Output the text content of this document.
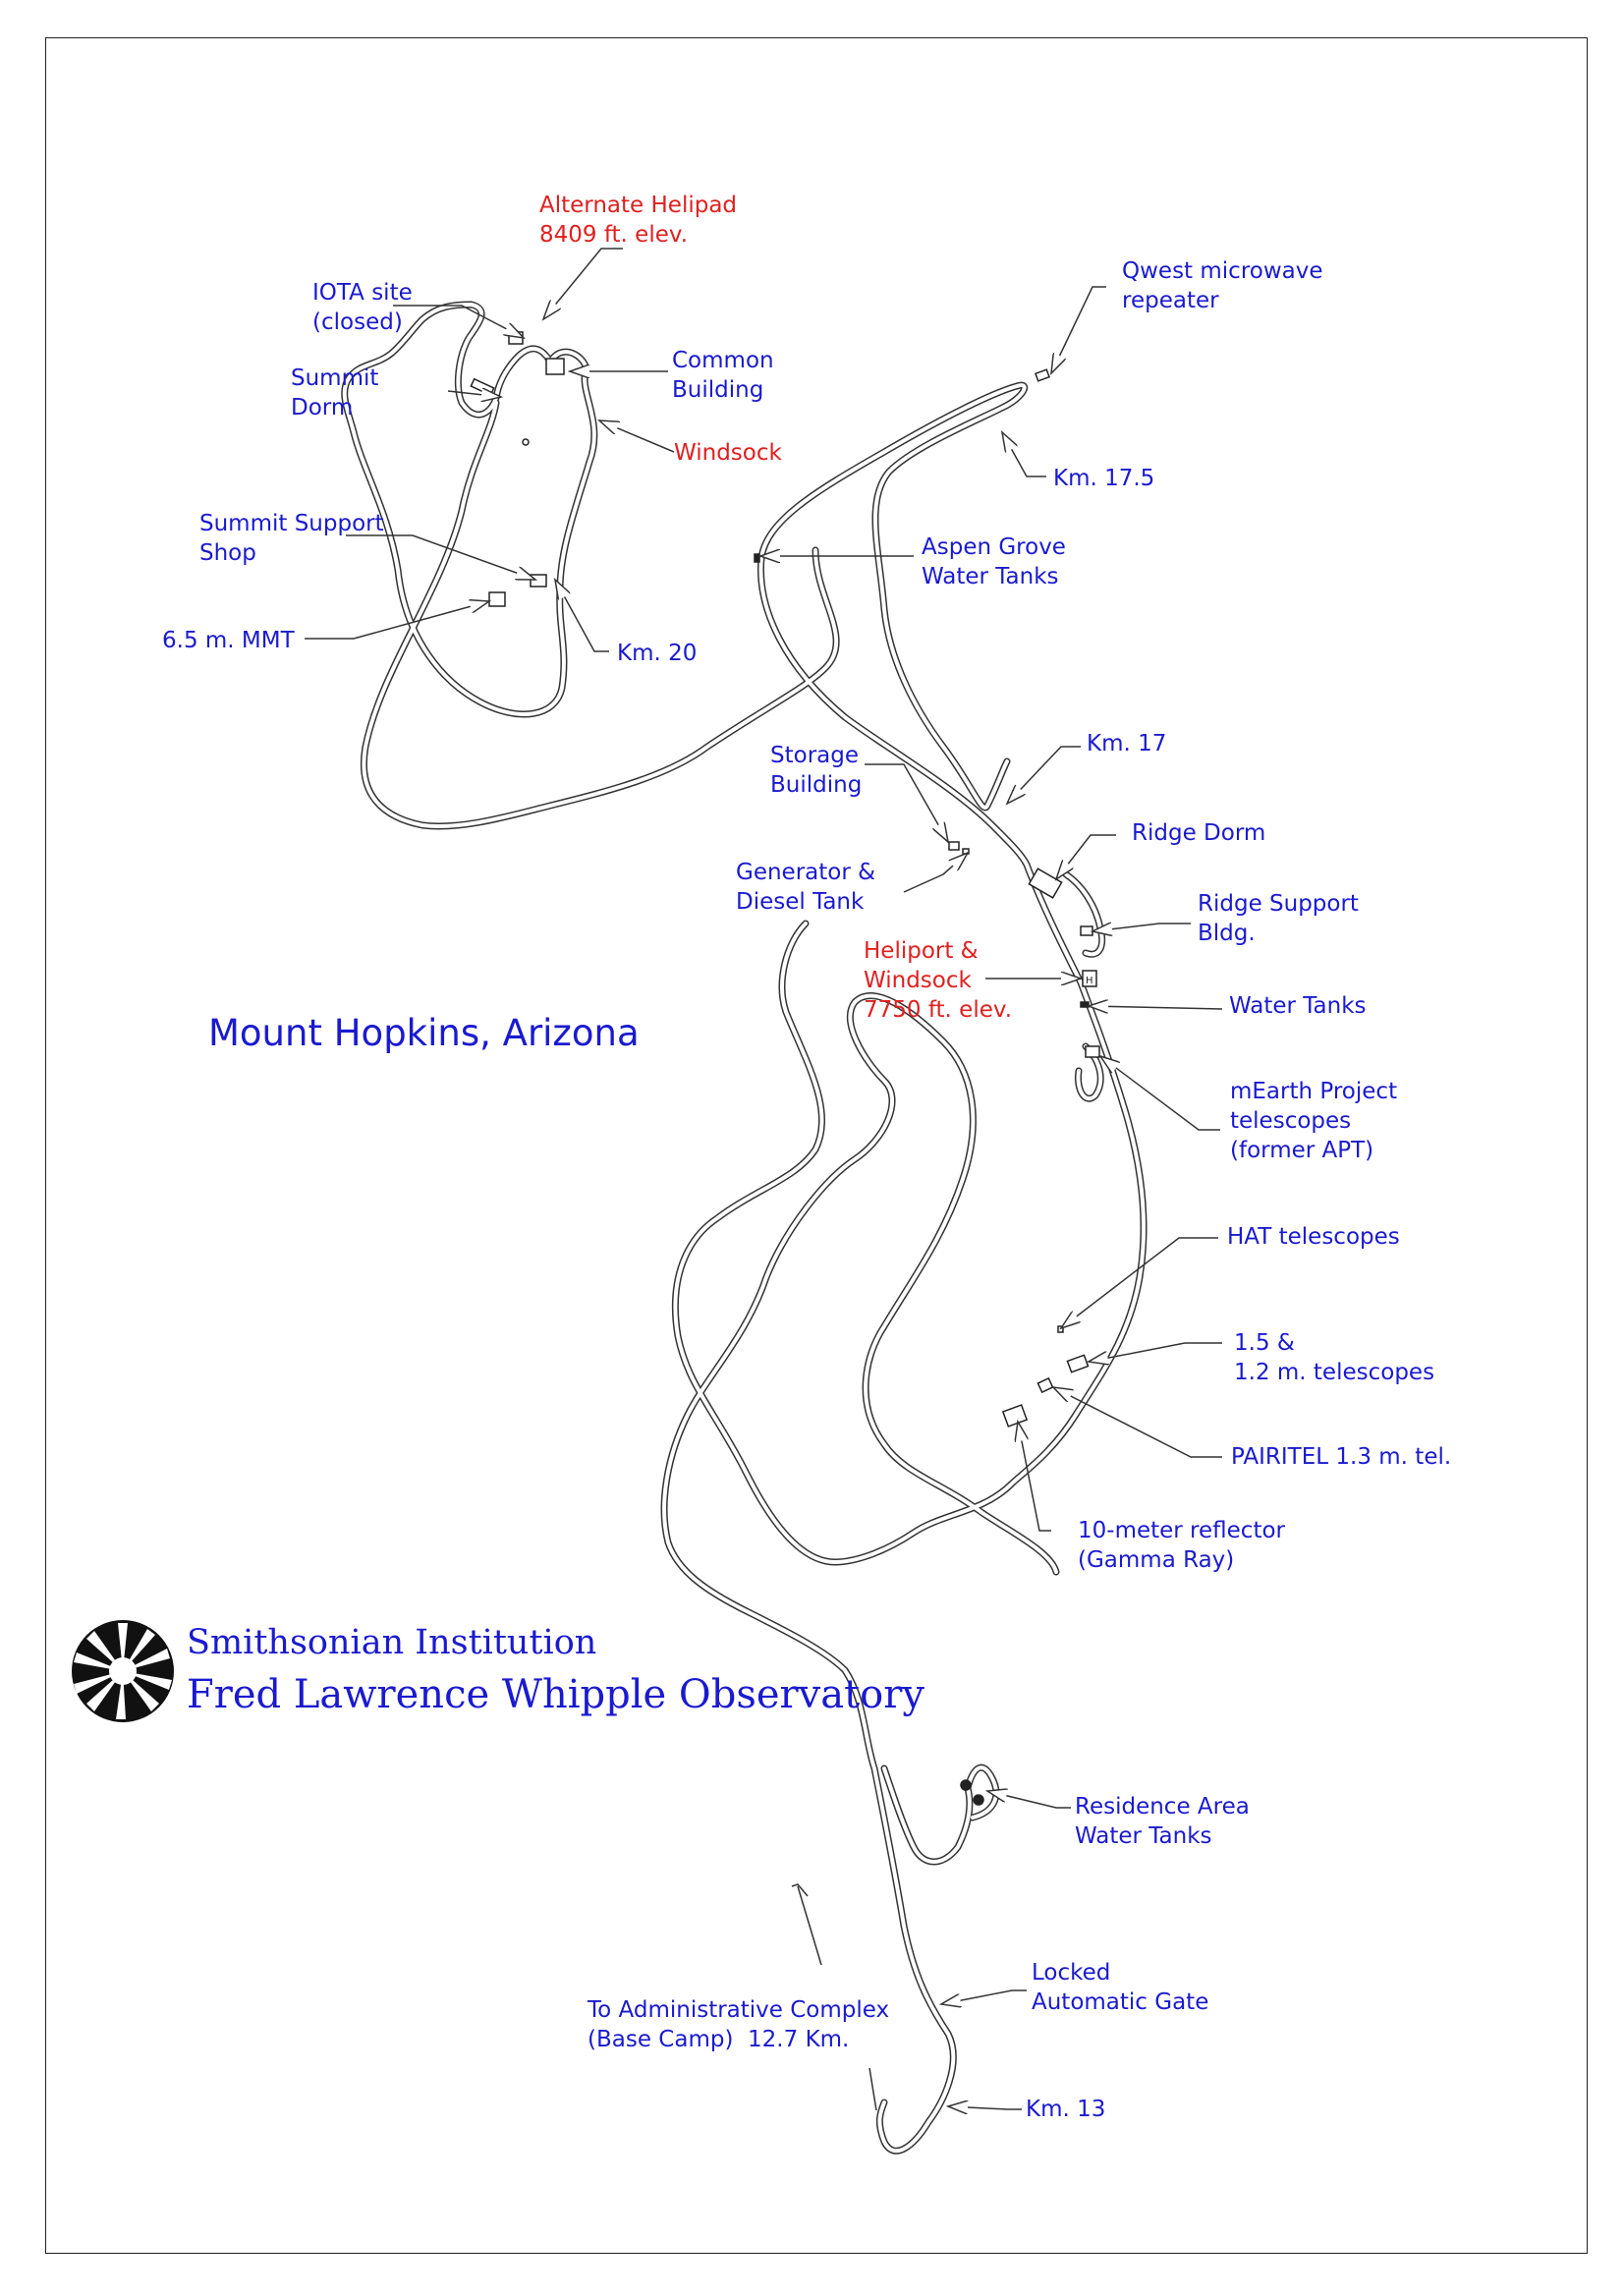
H
Alternate Helipad
8409 ft. elev.
IOTA site
(closed)
Summit
Dorm
Common
Building
Windsock
Summit Support
Shop
6.5 m. MMT	Km. 20
Qwest microwave
repeater
Km. 17.5
Aspen Grove
Water Tanks
Km. 17
Storage
Building
Generator &
Diesel Tank
Ridge Dorm
Ridge Support
Bldg.
Heliport &
Windsock
7750 ft. elev.	Water Tanks
mEarth Project
telescopes
(former APT)
HAT telescopes
1.5 &
1.2 m. telescopes
PAIRITEL 1.3 m. tel.
10-meter reflector
(Gamma Ray)
Residence Area
Water Tanks
Locked
Automatic Gate
To Administrative Complex
(Base Camp)  12.7 Km.
Km. 13
Mount Hopkins, Arizona
Smithsonian Institution
Fred Lawrence Whipple Observatory
